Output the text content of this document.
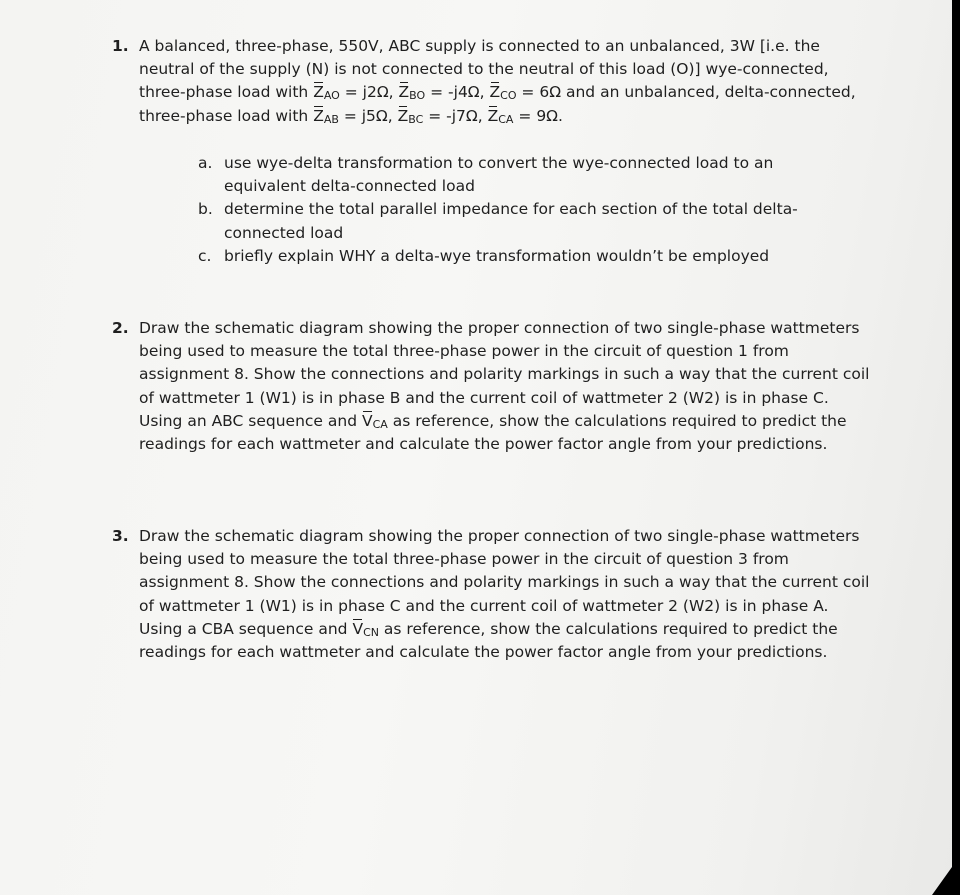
1. A balanced, three-phase, 550V, ABC supply is connected to an unbalanced, 3W [i.e. the neutral of the supply (N) is not connected to the neutral of this load (O)] wye-connected, three-phase load with $Z_{AO} = j2\Omega$, $Z_{BO} = -j4\Omega$, $Z_{CO} = 6\Omega$ and an unbalanced, delta-connected, three-phase load with $Z_{AB} = j5\Omega$, $Z_{BC} = -j7\Omega$, $Z_{CA} = 9\Omega$.
a. use wye-delta transformation to convert the wye-connected load to an equivalent delta-connected load
b. determine the total parallel impedance for each section of the total delta-connected load
c. briefly explain WHY a delta-wye transformation wouldn’t be employed
2. Draw the schematic diagram showing the proper connection of two single-phase wattmeters being used to measure the total three-phase power in the circuit of question 1 from assignment 8. Show the connections and polarity markings in such a way that the current coil of wattmeter 1 (W1) is in phase B and the current coil of wattmeter 2 (W2) is in phase C. Using an ABC sequence and $V_{CA}$ as reference, show the calculations required to predict the readings for each wattmeter and calculate the power factor angle from your predictions.
3. Draw the schematic diagram showing the proper connection of two single-phase wattmeters being used to measure the total three-phase power in the circuit of question 3 from assignment 8. Show the connections and polarity markings in such a way that the current coil of wattmeter 1 (W1) is in phase C and the current coil of wattmeter 2 (W2) is in phase A. Using a CBA sequence and $V_{CN}$ as reference, show the calculations required to predict the readings for each wattmeter and calculate the power factor angle from your predictions.
